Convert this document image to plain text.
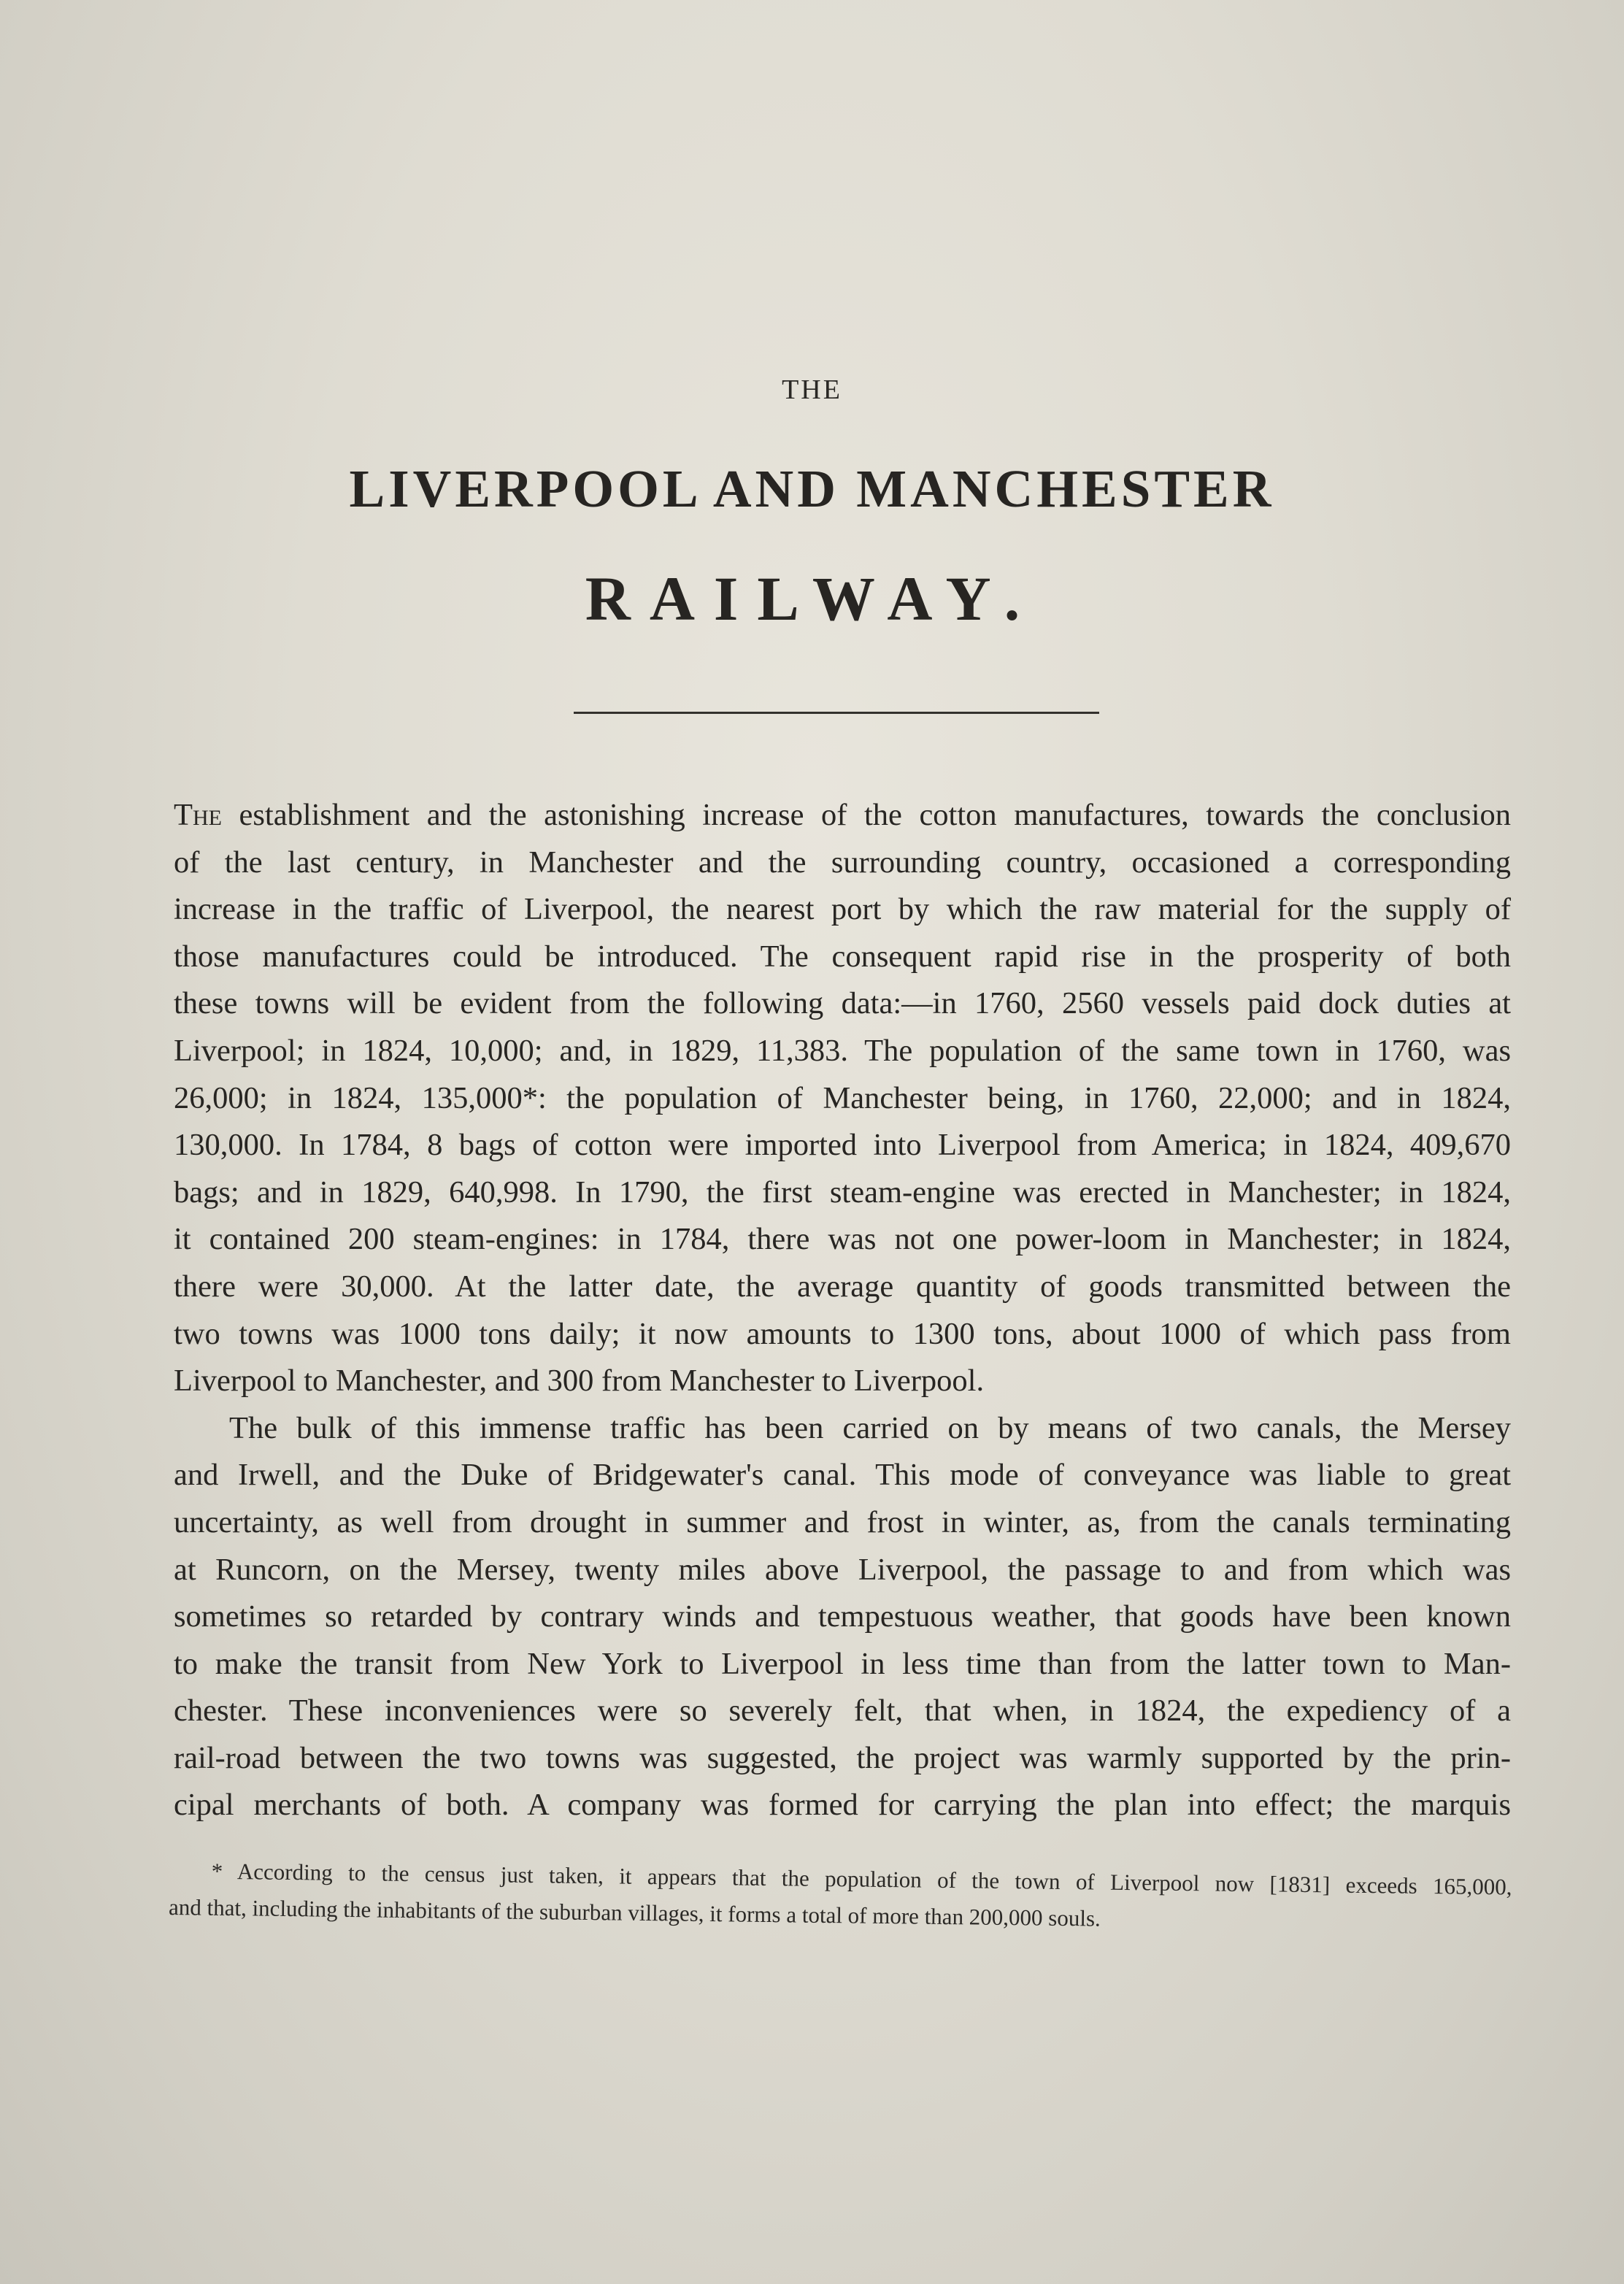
THE
LIVERPOOL AND MANCHESTER
RAILWAY.
The establishment and the astonishing increase of the cotton manufactures, towards the conclusion
of the last century, in Manchester and the surrounding country, occasioned a corresponding
increase in the traffic of Liverpool, the nearest port by which the raw material for the supply of
those manufactures could be introduced. The consequent rapid rise in the prosperity of both
these towns will be evident from the following data:—in 1760, 2560 vessels paid dock duties at
Liverpool; in 1824, 10,000; and, in 1829, 11,383. The population of the same town in 1760, was
26,000; in 1824, 135,000*: the population of Manchester being, in 1760, 22,000; and in 1824,
130,000. In 1784, 8 bags of cotton were imported into Liverpool from America; in 1824, 409,670
bags; and in 1829, 640,998. In 1790, the first steam-engine was erected in Manchester; in 1824,
it contained 200 steam-engines: in 1784, there was not one power-loom in Manchester; in 1824,
there were 30,000. At the latter date, the average quantity of goods transmitted between the
two towns was 1000 tons daily; it now amounts to 1300 tons, about 1000 of which pass from
Liverpool to Manchester, and 300 from Manchester to Liverpool.
The bulk of this immense traffic has been carried on by means of two canals, the Mersey
and Irwell, and the Duke of Bridgewater's canal. This mode of conveyance was liable to great
uncertainty, as well from drought in summer and frost in winter, as, from the canals terminating
at Runcorn, on the Mersey, twenty miles above Liverpool, the passage to and from which was
sometimes so retarded by contrary winds and tempestuous weather, that goods have been known
to make the transit from New York to Liverpool in less time than from the latter town to Man-
chester. These inconveniences were so severely felt, that when, in 1824, the expediency of a
rail-road between the two towns was suggested, the project was warmly supported by the prin-
cipal merchants of both. A company was formed for carrying the plan into effect; the marquis
* According to the census just taken, it appears that the population of the town of Liverpool now [1831] exceeds 165,000,
and that, including the inhabitants of the suburban villages, it forms a total of more than 200,000 souls.
